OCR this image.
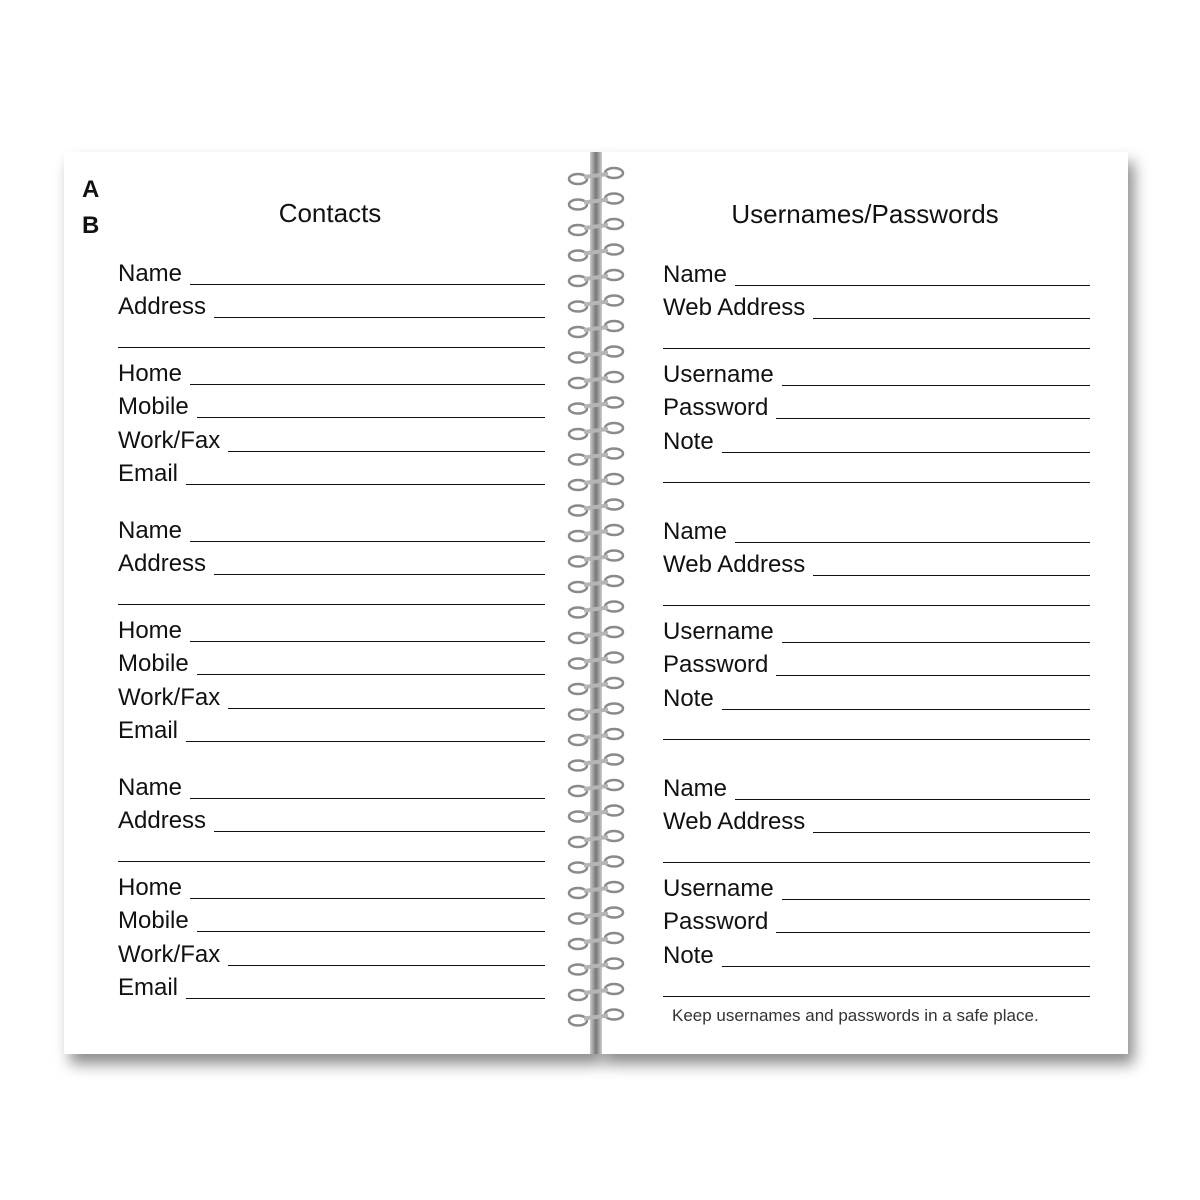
A
B	Contacts	Usernames/Passwords
Name
Address
Home
Mobile
Work/Fax
Email
Name
Address
Home
Mobile
Work/Fax
Email
Name
Address
Home
Mobile
Work/Fax
Email
Name
Web Address
Username
Password
Note
Name
Web Address
Username
Password
Note
Name
Web Address
Username
Password
Note
Keep usernames and passwords in a safe place.
